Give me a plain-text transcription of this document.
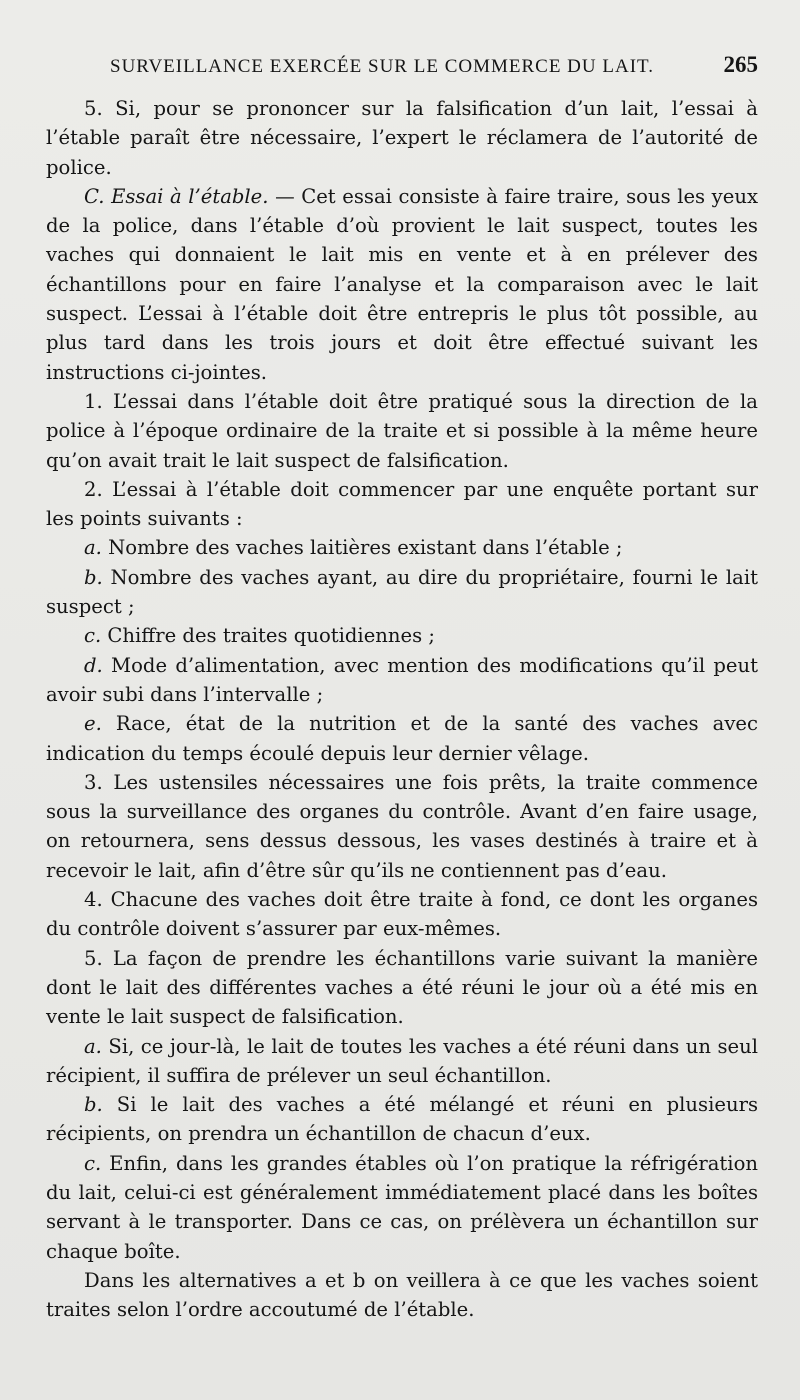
SURVEILLANCE EXERCÉE SUR LE COMMERCE DU LAIT.	265

5. Si, pour se prononcer sur la falsification d’un lait, l’essai à l’étable paraît être nécessaire, l’expert le réclamera de l’autorité de police.

C. Essai à l’étable. — Cet essai consiste à faire traire, sous les yeux de la police, dans l’étable d’où provient le lait suspect, toutes les vaches qui donnaient le lait mis en vente et à en prélever des échantillons pour en faire l’analyse et la comparaison avec le lait suspect. L’essai à l’étable doit être entrepris le plus tôt possible, au plus tard dans les trois jours et doit être effectué suivant les instructions ci-jointes.

1. L’essai dans l’étable doit être pratiqué sous la direction de la police à l’époque ordinaire de la traite et si possible à la même heure qu’on avait trait le lait suspect de falsification.

2. L’essai à l’étable doit commencer par une enquête portant sur les points suivants :

a. Nombre des vaches laitières existant dans l’étable ;

b. Nombre des vaches ayant, au dire du propriétaire, fourni le lait suspect ;

c. Chiffre des traites quotidiennes ;

d. Mode d’alimentation, avec mention des modifications qu’il peut avoir subi dans l’intervalle ;

e. Race, état de la nutrition et de la santé des vaches avec indication du temps écoulé depuis leur dernier vêlage.

3. Les ustensiles nécessaires une fois prêts, la traite commence sous la surveillance des organes du contrôle. Avant d’en faire usage, on retournera, sens dessus dessous, les vases destinés à traire et à recevoir le lait, afin d’être sûr qu’ils ne contiennent pas d’eau.

4. Chacune des vaches doit être traite à fond, ce dont les organes du contrôle doivent s’assurer par eux-mêmes.

5. La façon de prendre les échantillons varie suivant la manière dont le lait des différentes vaches a été réuni le jour où a été mis en vente le lait suspect de falsification.

a. Si, ce jour-là, le lait de toutes les vaches a été réuni dans un seul récipient, il suffira de prélever un seul échantillon.

b. Si le lait des vaches a été mélangé et réuni en plusieurs récipients, on prendra un échantillon de chacun d’eux.

c. Enfin, dans les grandes étables où l’on pratique la réfrigération du lait, celui-ci est généralement immédiatement placé dans les boîtes servant à le transporter. Dans ce cas, on prélèvera un échantillon sur chaque boîte.

Dans les alternatives a et b on veillera à ce que les vaches soient traites selon l’ordre accoutumé de l’étable.
